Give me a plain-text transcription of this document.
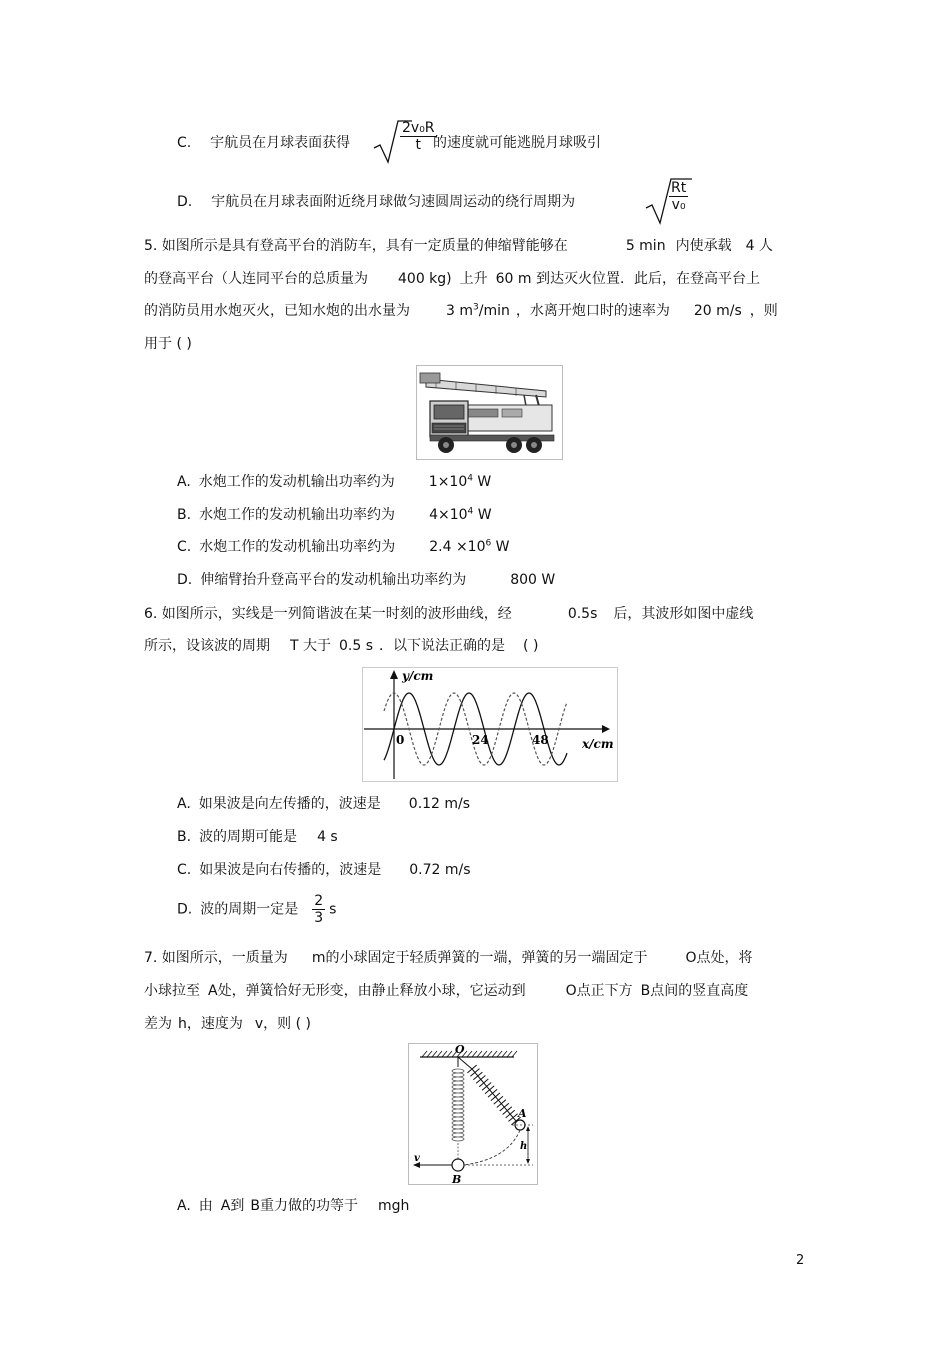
C. 宇航员在月球表面获得	$\frac{\text{2v₀R}}{t}$
的速度就可能逃脱月球吸引
D. 宇航员在月球表面附近绕月球做匀速圆周运动的绕行周期为	$\frac{Rt}{\text{v₀}}$
5. 如图所示是具有登高平台的消防车，具有一定质量的伸缩臂能够在	5 min 内使承载 4 人
的登高平台（人连同平台的总质量为 400 kg) 上升 60 m 到达灭火位置．此后，在登高平台上
的消防员用水炮灭火，已知水炮的出水量为	3 $m^3/\min$ ，水离开炮口时的速率为 20 m/s ，则
用于 ( )
A. 水炮工作的发动机输出功率约为 $1\times 10^4$ W
B. 水炮工作的发动机输出功率约为 $4\times 10^4$ W
C. 水炮工作的发动机输出功率约为 $2.4 \times 10^6$ W
D. 伸缩臂抬升登高平台的发动机输出功率约为	800 W
6. 如图所示，实线是一列简谐波在某一时刻的波形曲线，经	0.5s 后，其波形如图中虚线
所示，设该波的周期 T 大于 0.5 s ．以下说法正确的是 ( )
y/cm
x/cm
0	24	48
A. 如果波是向左传播的，波速是 0.12 m/s
B. 波的周期可能是 4 s
C. 如果波是向右传播的，波速是 0.72 m/s
D. 波的周期一定是 $\frac{2}{3}$ s
7. 如图所示，一质量为 m的小球固定于轻质弹簧的一端，弹簧的另一端固定于	O点处，将
小球拉至 A处，弹簧恰好无形变，由静止释放小球，它运动到	O点正下方 B点间的竖直高度
差为 h，速度为 v，则 ( )
O
A
B
h
v
A. 由 A到 B重力做的功等于 mgh
2
